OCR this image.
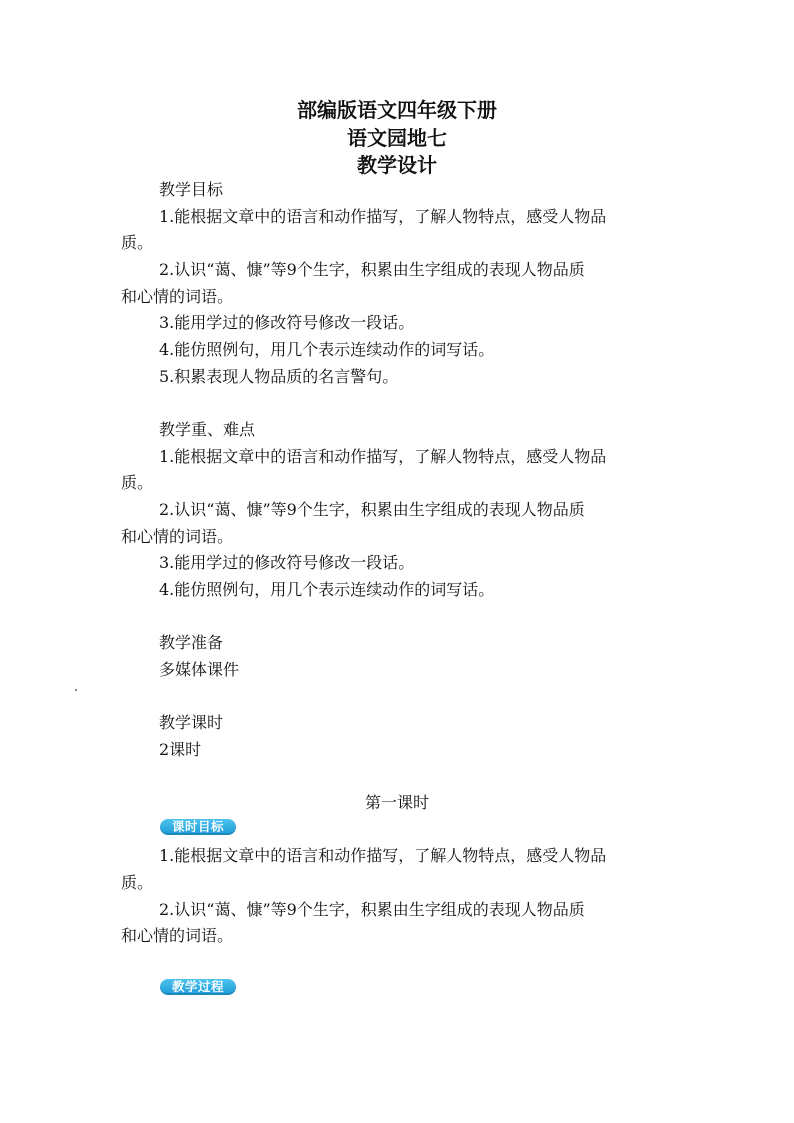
部编版语文四年级下册
语文园地七
教学设计
教学目标
1.能根据文章中的语言和动作描写，了解人物特点，感受人物品
质。
2.认识“蔼、慷”等9个生字，积累由生字组成的表现人物品质
和心情的词语。
3.能用学过的修改符号修改一段话。
4.能仿照例句，用几个表示连续动作的词写话。
5.积累表现人物品质的名言警句。
教学重、难点
1.能根据文章中的语言和动作描写，了解人物特点，感受人物品
质。
2.认识“蔼、慷”等9个生字，积累由生字组成的表现人物品质
和心情的词语。
3.能用学过的修改符号修改一段话。
4.能仿照例句，用几个表示连续动作的词写话。
教学准备
多媒体课件
教学课时
2课时
第一课时
课时目标
1.能根据文章中的语言和动作描写，了解人物特点，感受人物品
质。
2.认识“蔼、慷”等9个生字，积累由生字组成的表现人物品质
和心情的词语。
教学过程
